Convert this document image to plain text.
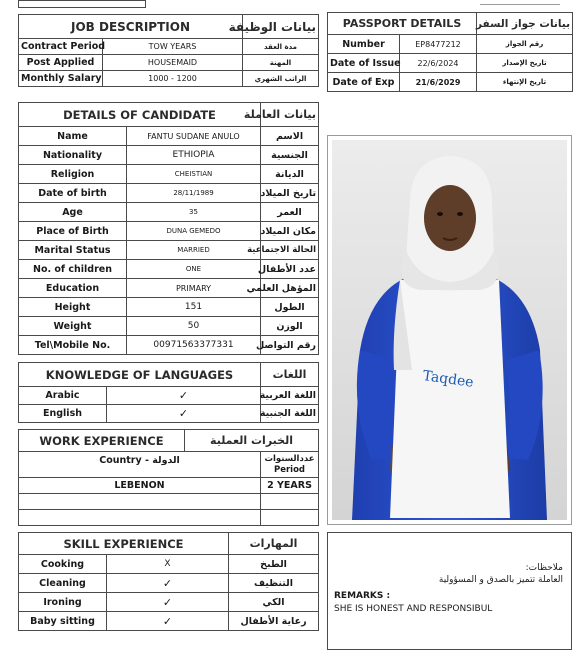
JOB DESCRIPTION		بيانات الوظيفة
Contract Period	TOW YEARS	مدة العقد
Post Applied	HOUSEMAID	المهنة
Monthly Salary	1000 - 1200	الراتب الشهري
PASSPORT DETAILS		بيانات جواز السفر
Number	EP8477212	رقم الجواز
Date of Issue	22/6/2024	تاريخ الإصدار
Date of Exp	21/6/2029	تاريخ الإنتهاء
DETAILS OF CANDIDATE		بيانات العاملة
Name	FANTU SUDANE ANULO	الاسم
Nationality	ETHIOPIA	الجنسية
Religion	CHEISTIAN	الديانة
Date of birth	28/11/1989	تاريخ الميلاد
Age	35	العمر
Place of Birth	DUNA GEMEDO	مكان الميلاد
Marital Status	MARRIED	الحالة الاجتماعية
No. of children	ONE	عدد الأطفال
Education	PRIMARY	المؤهل العلمي
Height	151	الطول
Weight	50	الوزن
Tel\Mobile No.	00971563377331	رقم التواصل
KNOWLEDGE OF LANGUAGES		اللغات
Arabic	✓	اللغة العربية
English	✓	اللغة الجنبية
WORK EXPERIENCE	الخبرات العملية	
Country - الدولة		عددالسنوات
Period

LEBENON		2 YEARS

SKILL EXPERIENCE		المهارات
Cooking	X	الطبخ
Cleaning	✓	التنظيف
Ironing	✓	الكي
Baby sitting	✓	رعاية الأطفال
Taqdee
ملاحظات:
العاملة تتميز بالصدق و المسؤولية
REMARKS :
SHE IS HONEST AND RESPONSIBUL
